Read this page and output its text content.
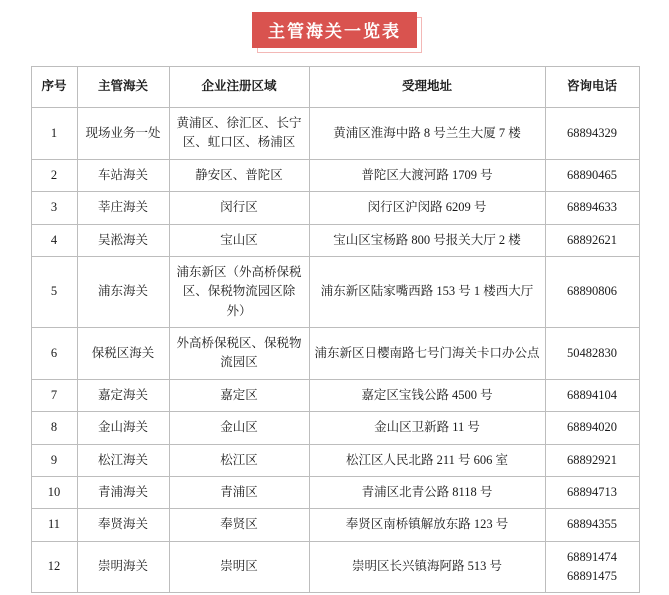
主管海关一览表
序号	主管海关	企业注册区域	受理地址	咨询电话
1	现场业务一处	黄浦区、徐汇区、长宁区、虹口区、杨浦区	黄浦区淮海中路 8 号兰生大厦 7 楼	68894329

2	车站海关	静安区、普陀区	普陀区大渡河路 1709 号	68890465

3	莘庄海关	闵行区	闵行区沪闵路 6209 号	68894633

4	吴淞海关	宝山区	宝山区宝杨路 800 号报关大厅 2 楼	68892621

5	浦东海关	浦东新区（外高桥保税区、保税物流园区除外）	浦东新区陆家嘴西路 153 号 1 楼西大厅	68890806

6	保税区海关	外高桥保税区、保税物流园区	浦东新区日樱南路七号门海关卡口办公点	50482830

7	嘉定海关	嘉定区	嘉定区宝钱公路 4500 号	68894104

8	金山海关	金山区	金山区卫新路 11 号	68894020

9	松江海关	松江区	松江区人民北路 211 号 606 室	68892921

10	青浦海关	青浦区	青浦区北青公路 8118 号	68894713

11	奉贤海关	奉贤区	奉贤区南桥镇解放东路 123 号	68894355

12	崇明海关	崇明区	崇明区长兴镇海阿路 513 号	68891474
68891475
